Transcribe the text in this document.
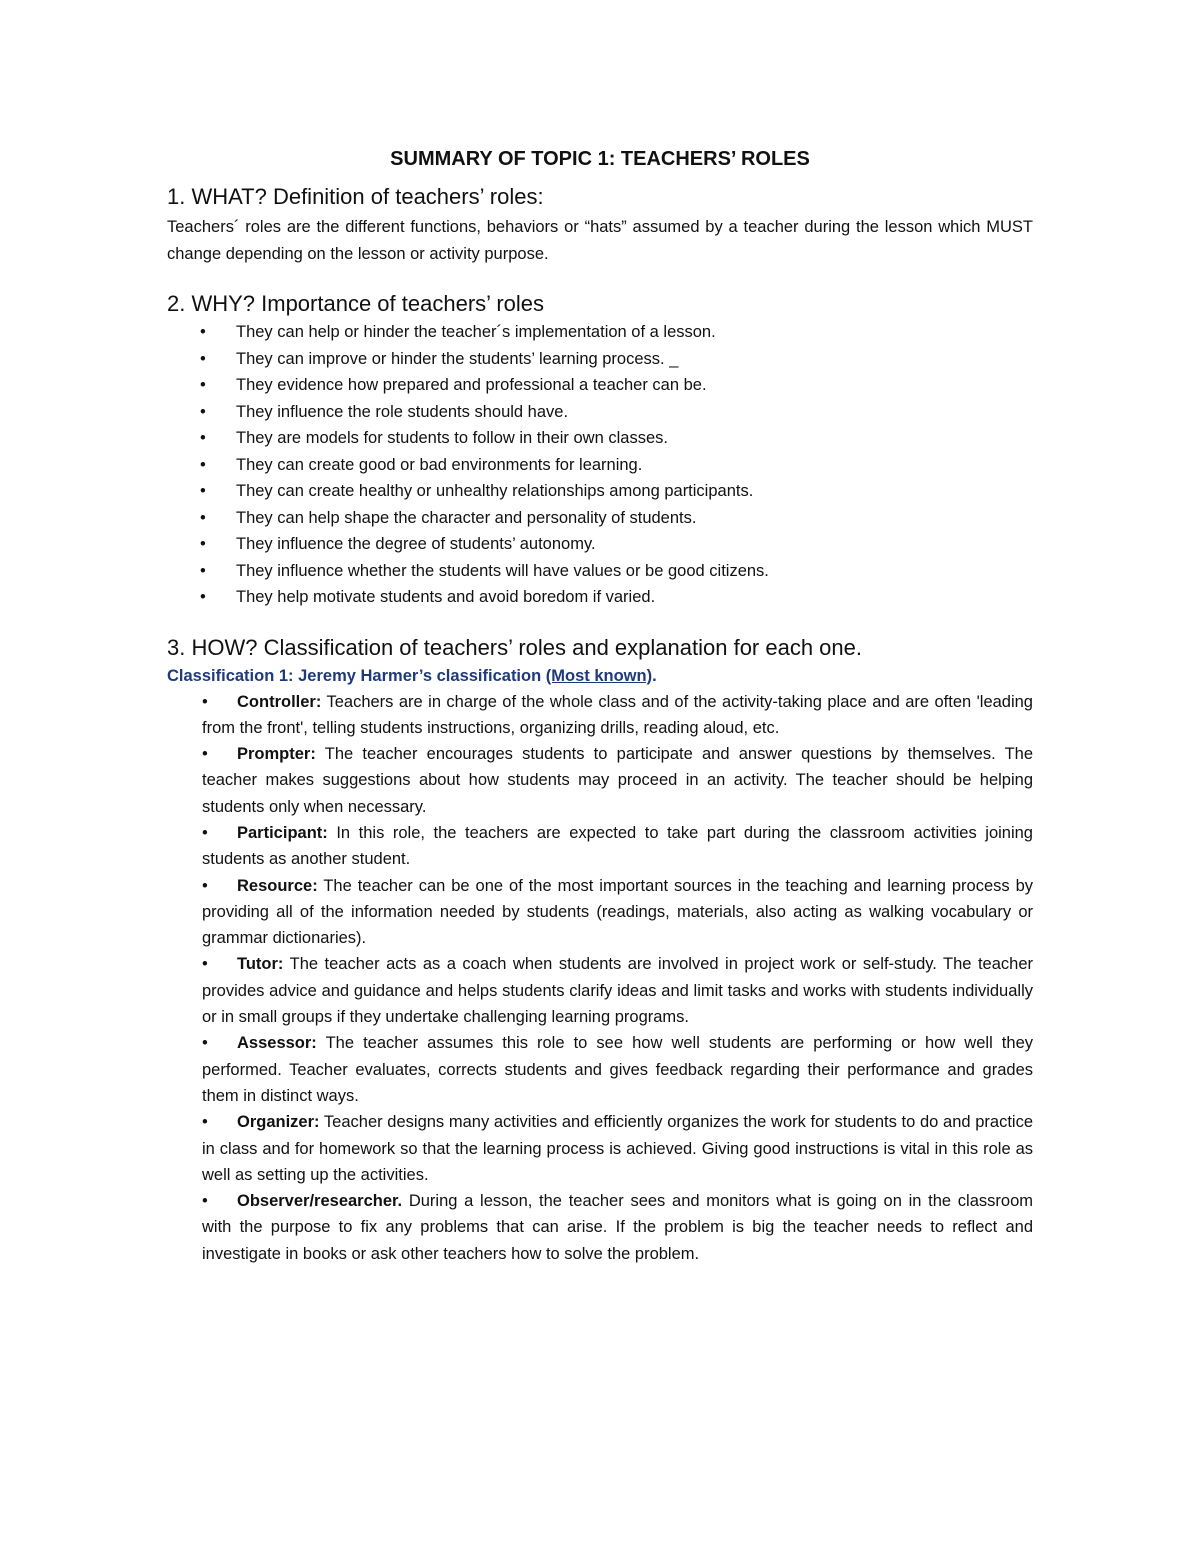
SUMMARY OF TOPIC 1: TEACHERS’ ROLES
1. WHAT? Definition of teachers’ roles:

Teachers´ roles are the different functions, behaviors or “hats” assumed by a teacher during the lesson which MUST change depending on the lesson or activity purpose.

2. WHY? Importance of teachers’ roles
• They can help or hinder the teacher´s implementation of a lesson.
• They can improve or hinder the students’ learning process. _
• They evidence how prepared and professional a teacher can be.
• They influence the role students should have.
• They are models for students to follow in their own classes.
• They can create good or bad environments for learning.
• They can create healthy or unhealthy relationships among participants.
• They can help shape the character and personality of students.
• They influence the degree of students’ autonomy.
• They influence whether the students will have values or be good citizens.
• They help motivate students and avoid boredom if varied.
3. HOW? Classification of teachers’ roles and explanation for each one.

Classification 1: Jeremy Harmer’s classification (Most known).

• Controller: Teachers are in charge of the whole class and of the activity-taking place and are often 'leading from the front', telling students instructions, organizing drills, reading aloud, etc.

• Prompter: The teacher encourages students to participate and answer questions by themselves. The teacher makes suggestions about how students may proceed in an activity. The teacher should be helping students only when necessary.

• Participant: In this role, the teachers are expected to take part during the classroom activities joining students as another student.

• Resource: The teacher can be one of the most important sources in the teaching and learning process by providing all of the information needed by students (readings, materials, also acting as walking vocabulary or grammar dictionaries).

• Tutor: The teacher acts as a coach when students are involved in project work or self-study. The teacher provides advice and guidance and helps students clarify ideas and limit tasks and works with students individually or in small groups if they undertake challenging learning programs.

• Assessor: The teacher assumes this role to see how well students are performing or how well they performed. Teacher evaluates, corrects students and gives feedback regarding their performance and grades them in distinct ways.

• Organizer: Teacher designs many activities and efficiently organizes the work for students to do and practice in class and for homework so that the learning process is achieved. Giving good instructions is vital in this role as well as setting up the activities.

• Observer/researcher. During a lesson, the teacher sees and monitors what is going on in the classroom with the purpose to fix any problems that can arise. If the problem is big the teacher needs to reflect and investigate in books or ask other teachers how to solve the problem.
